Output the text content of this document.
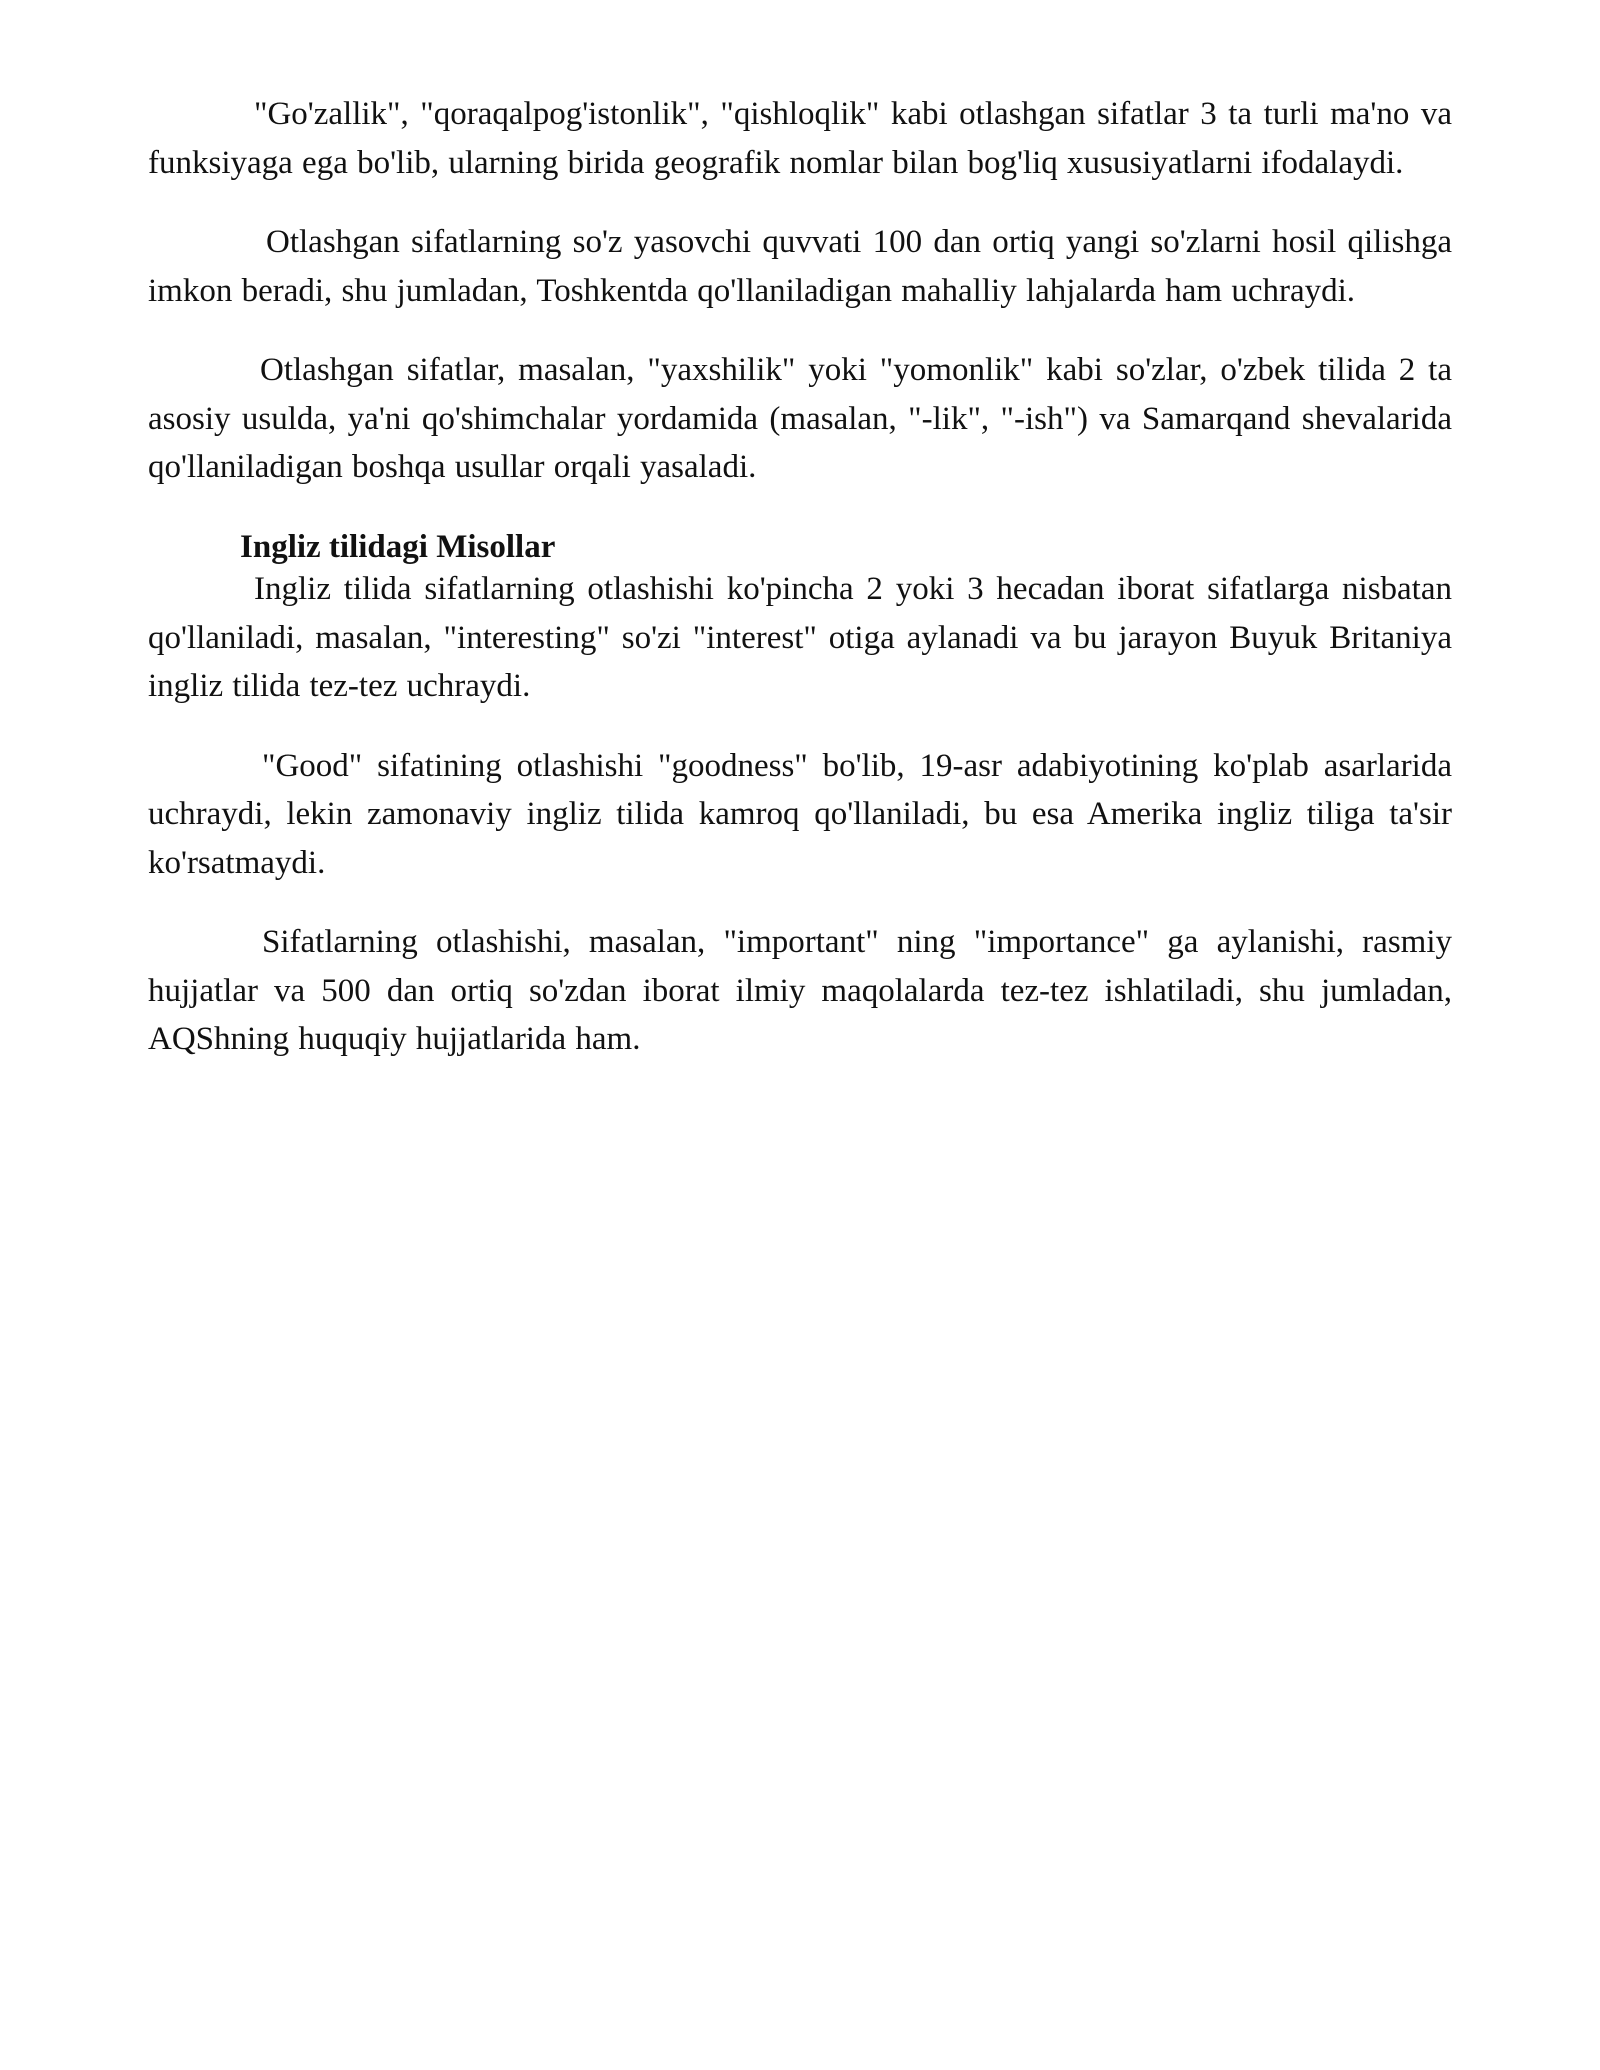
"Go'zallik", "qoraqalpog'istonlik", "qishloqlik" kabi otlashgan sifatlar 3 ta turli ma'no va funksiyaga ega bo'lib, ularning birida geografik nomlar bilan bog'liq xususiyatlarni ifodalaydi.

Otlashgan sifatlarning so'z yasovchi quvvati 100 dan ortiq yangi so'zlarni hosil qilishga imkon beradi, shu jumladan, Toshkentda qo'llaniladigan mahalliy lahjalarda ham uchraydi.

Otlashgan sifatlar, masalan, "yaxshilik" yoki "yomonlik" kabi so'zlar, o'zbek tilida 2 ta asosiy usulda, ya'ni qo'shimchalar yordamida (masalan, "-lik", "-ish") va Samarqand shevalarida qo'llaniladigan boshqa usullar orqali yasaladi.

Ingliz tilidagi Misollar

Ingliz tilida sifatlarning otlashishi ko'pincha 2 yoki 3 hecadan iborat sifatlarga nisbatan qo'llaniladi, masalan, "interesting" so'zi "interest" otiga aylanadi va bu jarayon Buyuk Britaniya ingliz tilida tez-tez uchraydi.

"Good" sifatining otlashishi "goodness" bo'lib, 19-asr adabiyotining ko'plab asarlarida uchraydi, lekin zamonaviy ingliz tilida kamroq qo'llaniladi, bu esa Amerika ingliz tiliga ta'sir ko'rsatmaydi.

Sifatlarning otlashishi, masalan, "important" ning "importance" ga aylanishi, rasmiy hujjatlar va 500 dan ortiq so'zdan iborat ilmiy maqolalarda tez-tez ishlatiladi, shu jumladan, AQShning huquqiy hujjatlarida ham.
